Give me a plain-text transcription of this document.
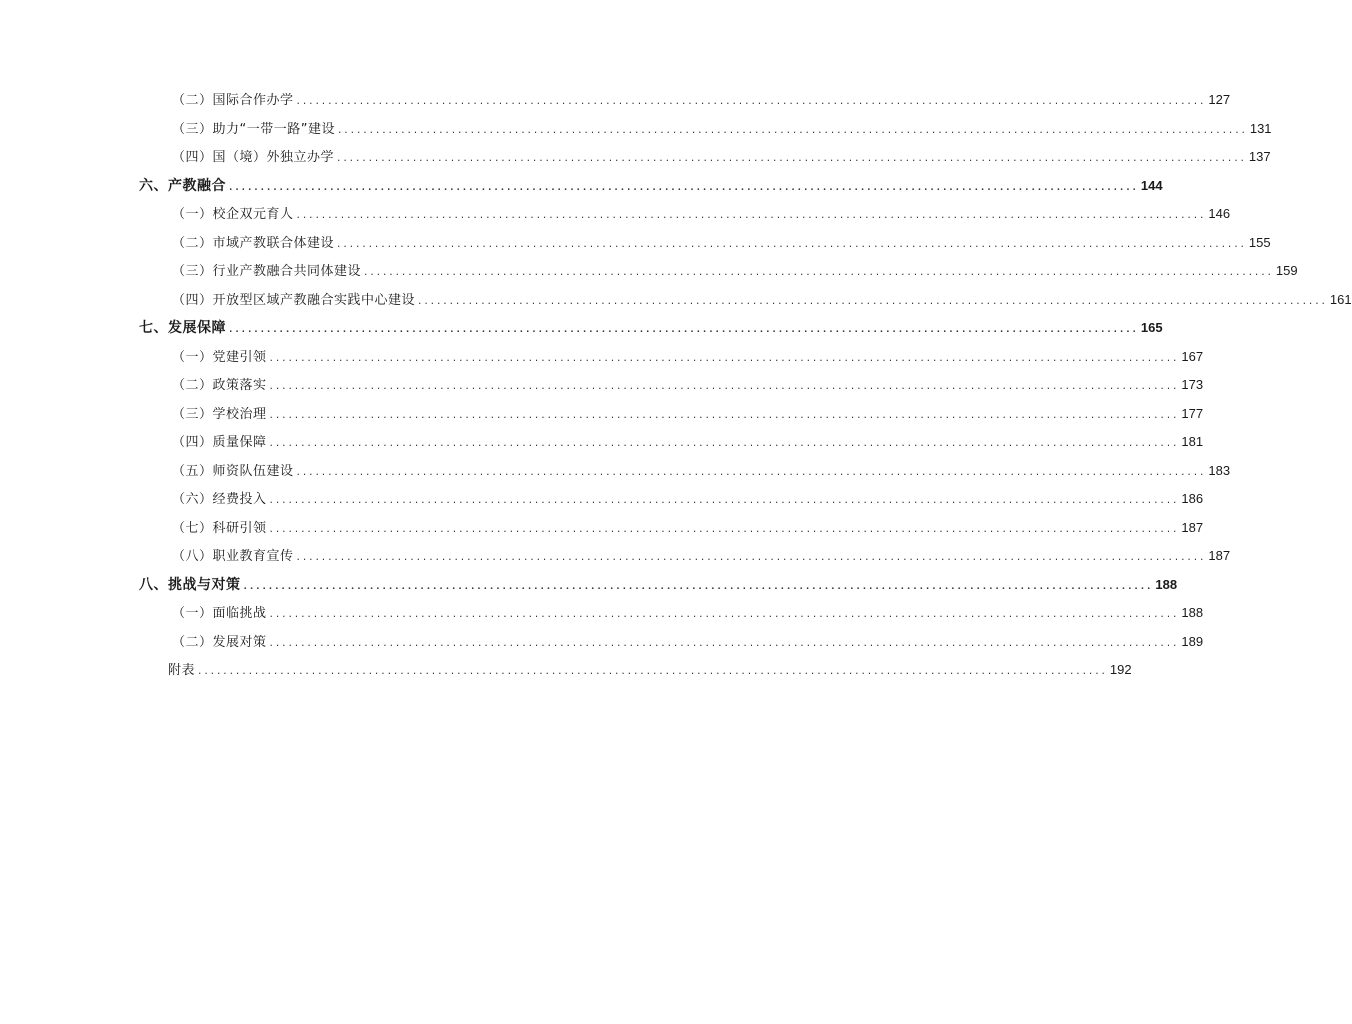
（二）国际合作办学 ................................................................................................................................................ 127
（三）助力“一带一路”建设 ................................................................................................................................................ 131
（四）国（境）外独立办学 ................................................................................................................................................ 137
六、产教融合 ................................................................................................................................................ 144
（一）校企双元育人 ................................................................................................................................................ 146
（二）市域产教联合体建设 ................................................................................................................................................ 155
（三）行业产教融合共同体建设 ................................................................................................................................................ 159
（四）开放型区域产教融合实践中心建设 ................................................................................................................................................ 161
七、发展保障 ................................................................................................................................................ 165
（一）党建引领 ................................................................................................................................................ 167
（二）政策落实 ................................................................................................................................................ 173
（三）学校治理 ................................................................................................................................................ 177
（四）质量保障 ................................................................................................................................................ 181
（五）师资队伍建设 ................................................................................................................................................ 183
（六）经费投入 ................................................................................................................................................ 186
（七）科研引领 ................................................................................................................................................ 187
（八）职业教育宣传 ................................................................................................................................................ 187
八、挑战与对策 ................................................................................................................................................ 188
（一）面临挑战 ................................................................................................................................................ 188
（二）发展对策 ................................................................................................................................................ 189
附表 ................................................................................................................................................ 192
